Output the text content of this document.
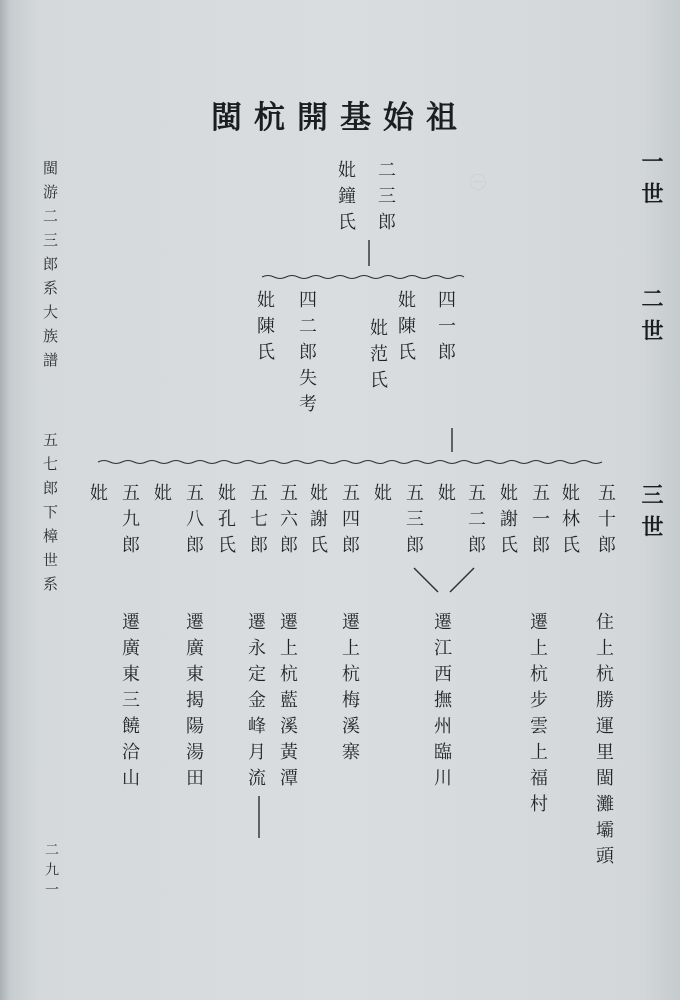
㊀
閩杭開基始祖
閩游二三郎系大族譜
五七郎下樟世系
二九一
一世
二世
三世
二三郎
妣鐘氏
四一郎
妣陳氏
妣范氏
四二郎失考
妣陳氏
五十郎
妣林氏
五一郎
妣謝氏
五二郎
妣
五三郎
妣
五四郎
妣謝氏
五六郎
五七郎
妣孔氏
五八郎
妣
五九郎
妣
住上杭勝運里閩灘壩頭
遷上杭步雲上福村
遷江西撫州臨川
遷上杭梅溪寨
遷上杭藍溪黃潭
遷永定金峰月流
遷廣東揭陽湯田
遷廣東三饒洽山
